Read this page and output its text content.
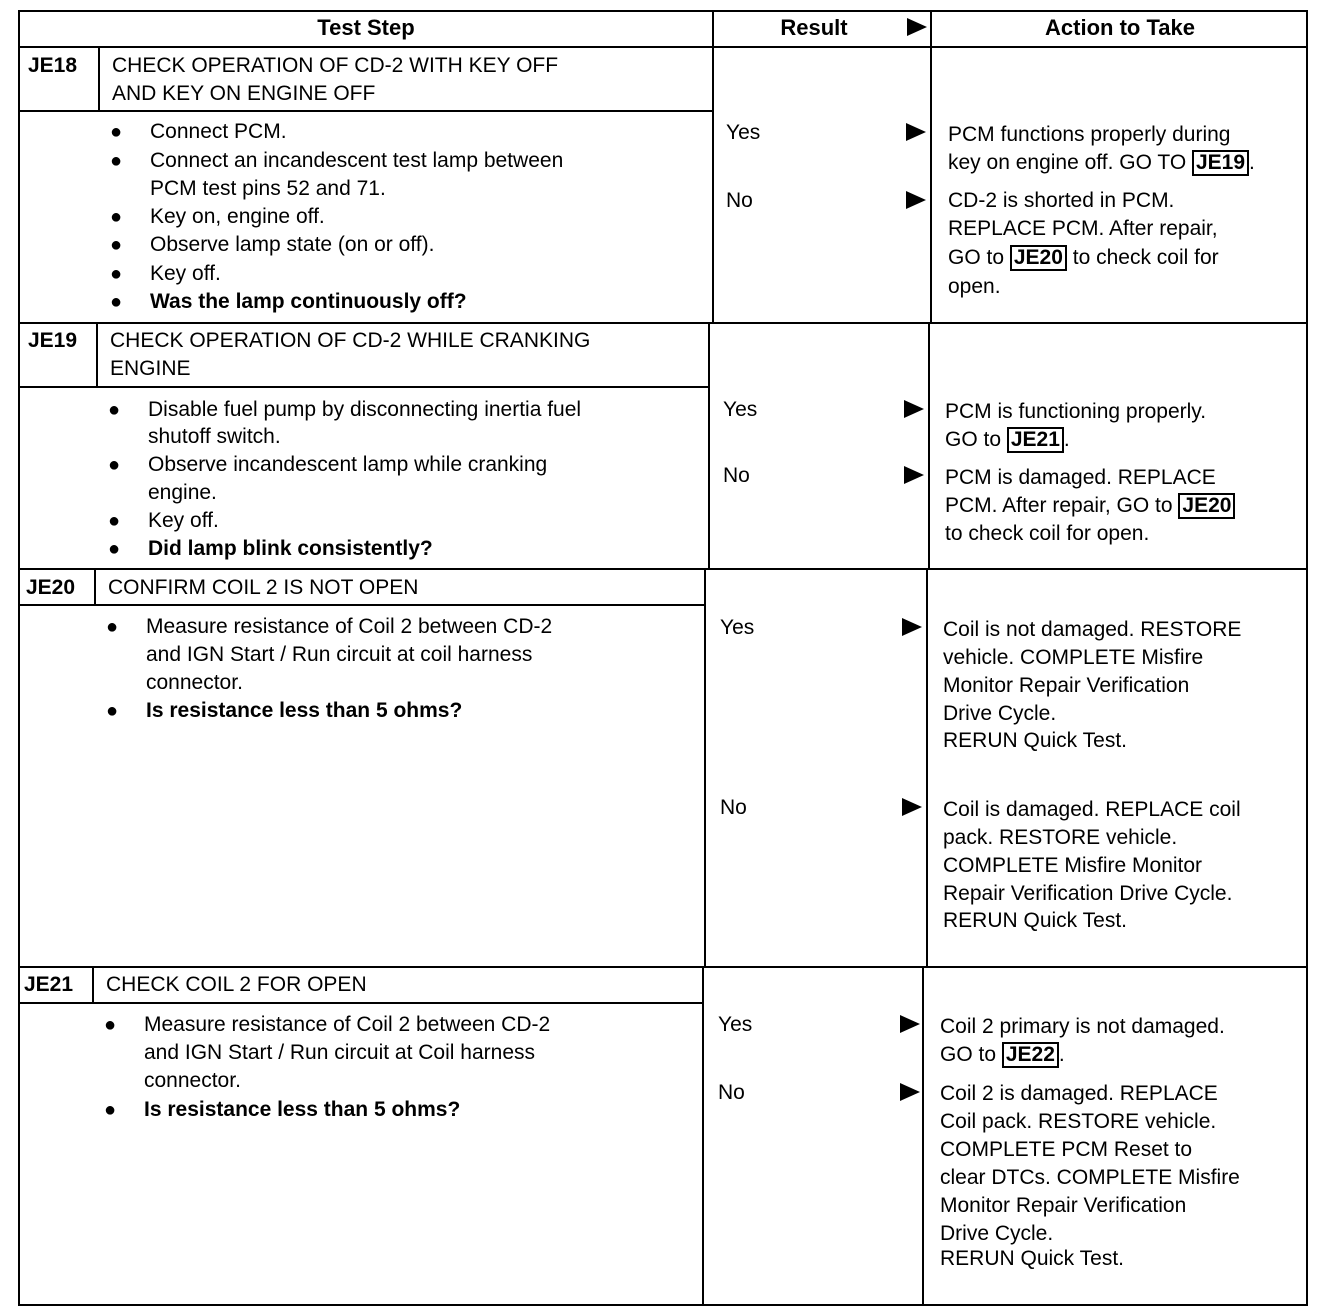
Test Step	Result	Action to Take
JE18 CHECK OPERATION OF CD-2 WITH KEY OFF
AND KEY ON ENGINE OFF
● Connect PCM.
● Connect an incandescent test lamp between
PCM test pins 52 and 71.
● Key on, engine off.
● Observe lamp state (on or off).
● Key off.
● Was the lamp continuously off?
Yes
No
PCM functions properly during
key on engine off. GO TO JE19 .
CD-2 is shorted in PCM.
REPLACE PCM. After repair,
GO to JE20 to check coil for
open.
JE19 CHECK OPERATION OF CD-2 WHILE CRANKING
ENGINE
● Disable fuel pump by disconnecting inertia fuel
shutoff switch.
● Observe incandescent lamp while cranking
engine.
● Key off.
● Did lamp blink consistently?
Yes
No
PCM is functioning properly.
GO to JE21 .
PCM is damaged. REPLACE
PCM. After repair, GO to JE20
to check coil for open.
JE20 CONFIRM COIL 2 IS NOT OPEN
● Measure resistance of Coil 2 between CD-2
and IGN Start / Run circuit at coil harness
connector.
● Is resistance less than 5 ohms?
Yes
No
Coil is not damaged. RESTORE
vehicle. COMPLETE Misfire
Monitor Repair Verification
Drive Cycle.
RERUN Quick Test.
Coil is damaged. REPLACE coil
pack. RESTORE vehicle.
COMPLETE Misfire Monitor
Repair Verification Drive Cycle.
RERUN Quick Test.
JE21 CHECK COIL 2 FOR OPEN
● Measure resistance of Coil 2 between CD-2
and IGN Start / Run circuit at Coil harness
connector.
● Is resistance less than 5 ohms?
Yes
No
Coil 2 primary is not damaged.
GO to JE22 .
Coil 2 is damaged. REPLACE
Coil pack. RESTORE vehicle.
COMPLETE PCM Reset to
clear DTCs. COMPLETE Misfire
Monitor Repair Verification
Drive Cycle.
RERUN Quick Test.
